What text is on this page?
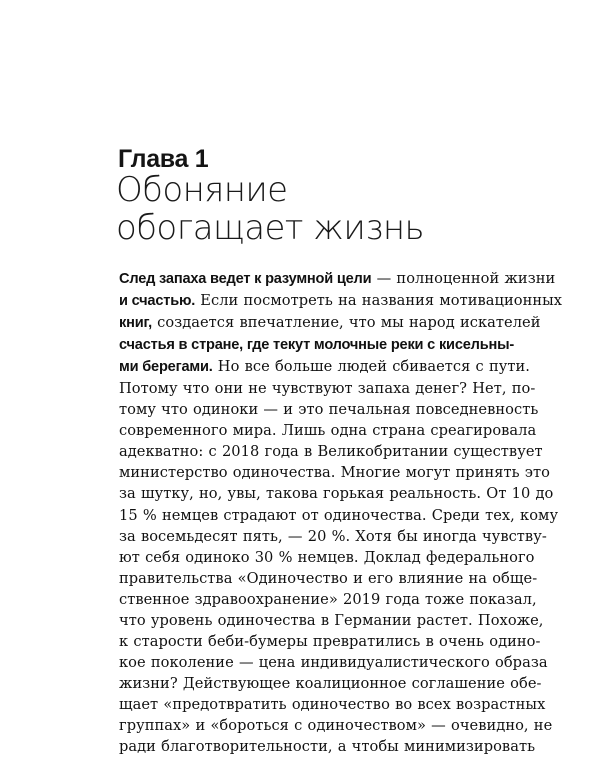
Глава 1
Обоняние
обогащает жизнь
След запаха ведет к разумной цели — полноценной жизни
и счастью. Если посмотреть на названия мотивационных
книг, создается впечатление, что мы народ искателей
счастья в стране, где текут молочные реки с кисельны-
ми берегами. Но все больше людей сбивается с пути.
Потому что они не чувствуют запаха денег? Нет, по-
тому что одиноки — и это печальная повседневность
современного мира. Лишь одна страна среагировала
адекватно: с 2018 года в Великобритании существует
министерство одиночества. Многие могут принять это
за шутку, но, увы, такова горькая реальность. От 10 до
15 % немцев страдают от одиночества. Среди тех, кому
за восемьдесят пять, — 20 %. Хотя бы иногда чувству-
ют себя одиноко 30 % немцев. Доклад федерального
правительства «Одиночество и его влияние на обще-
ственное здравоохранение» 2019 года тоже показал,
что уровень одиночества в Германии растет. Похоже,
к старости беби-бумеры превратились в очень одино-
кое поколение — цена индивидуалистического образа
жизни? Действующее коалиционное соглашение обе-
щает «предотвратить одиночество во всех возрастных
группах» и «бороться с одиночеством» — очевидно, не
ради благотворительности, а чтобы минимизировать
